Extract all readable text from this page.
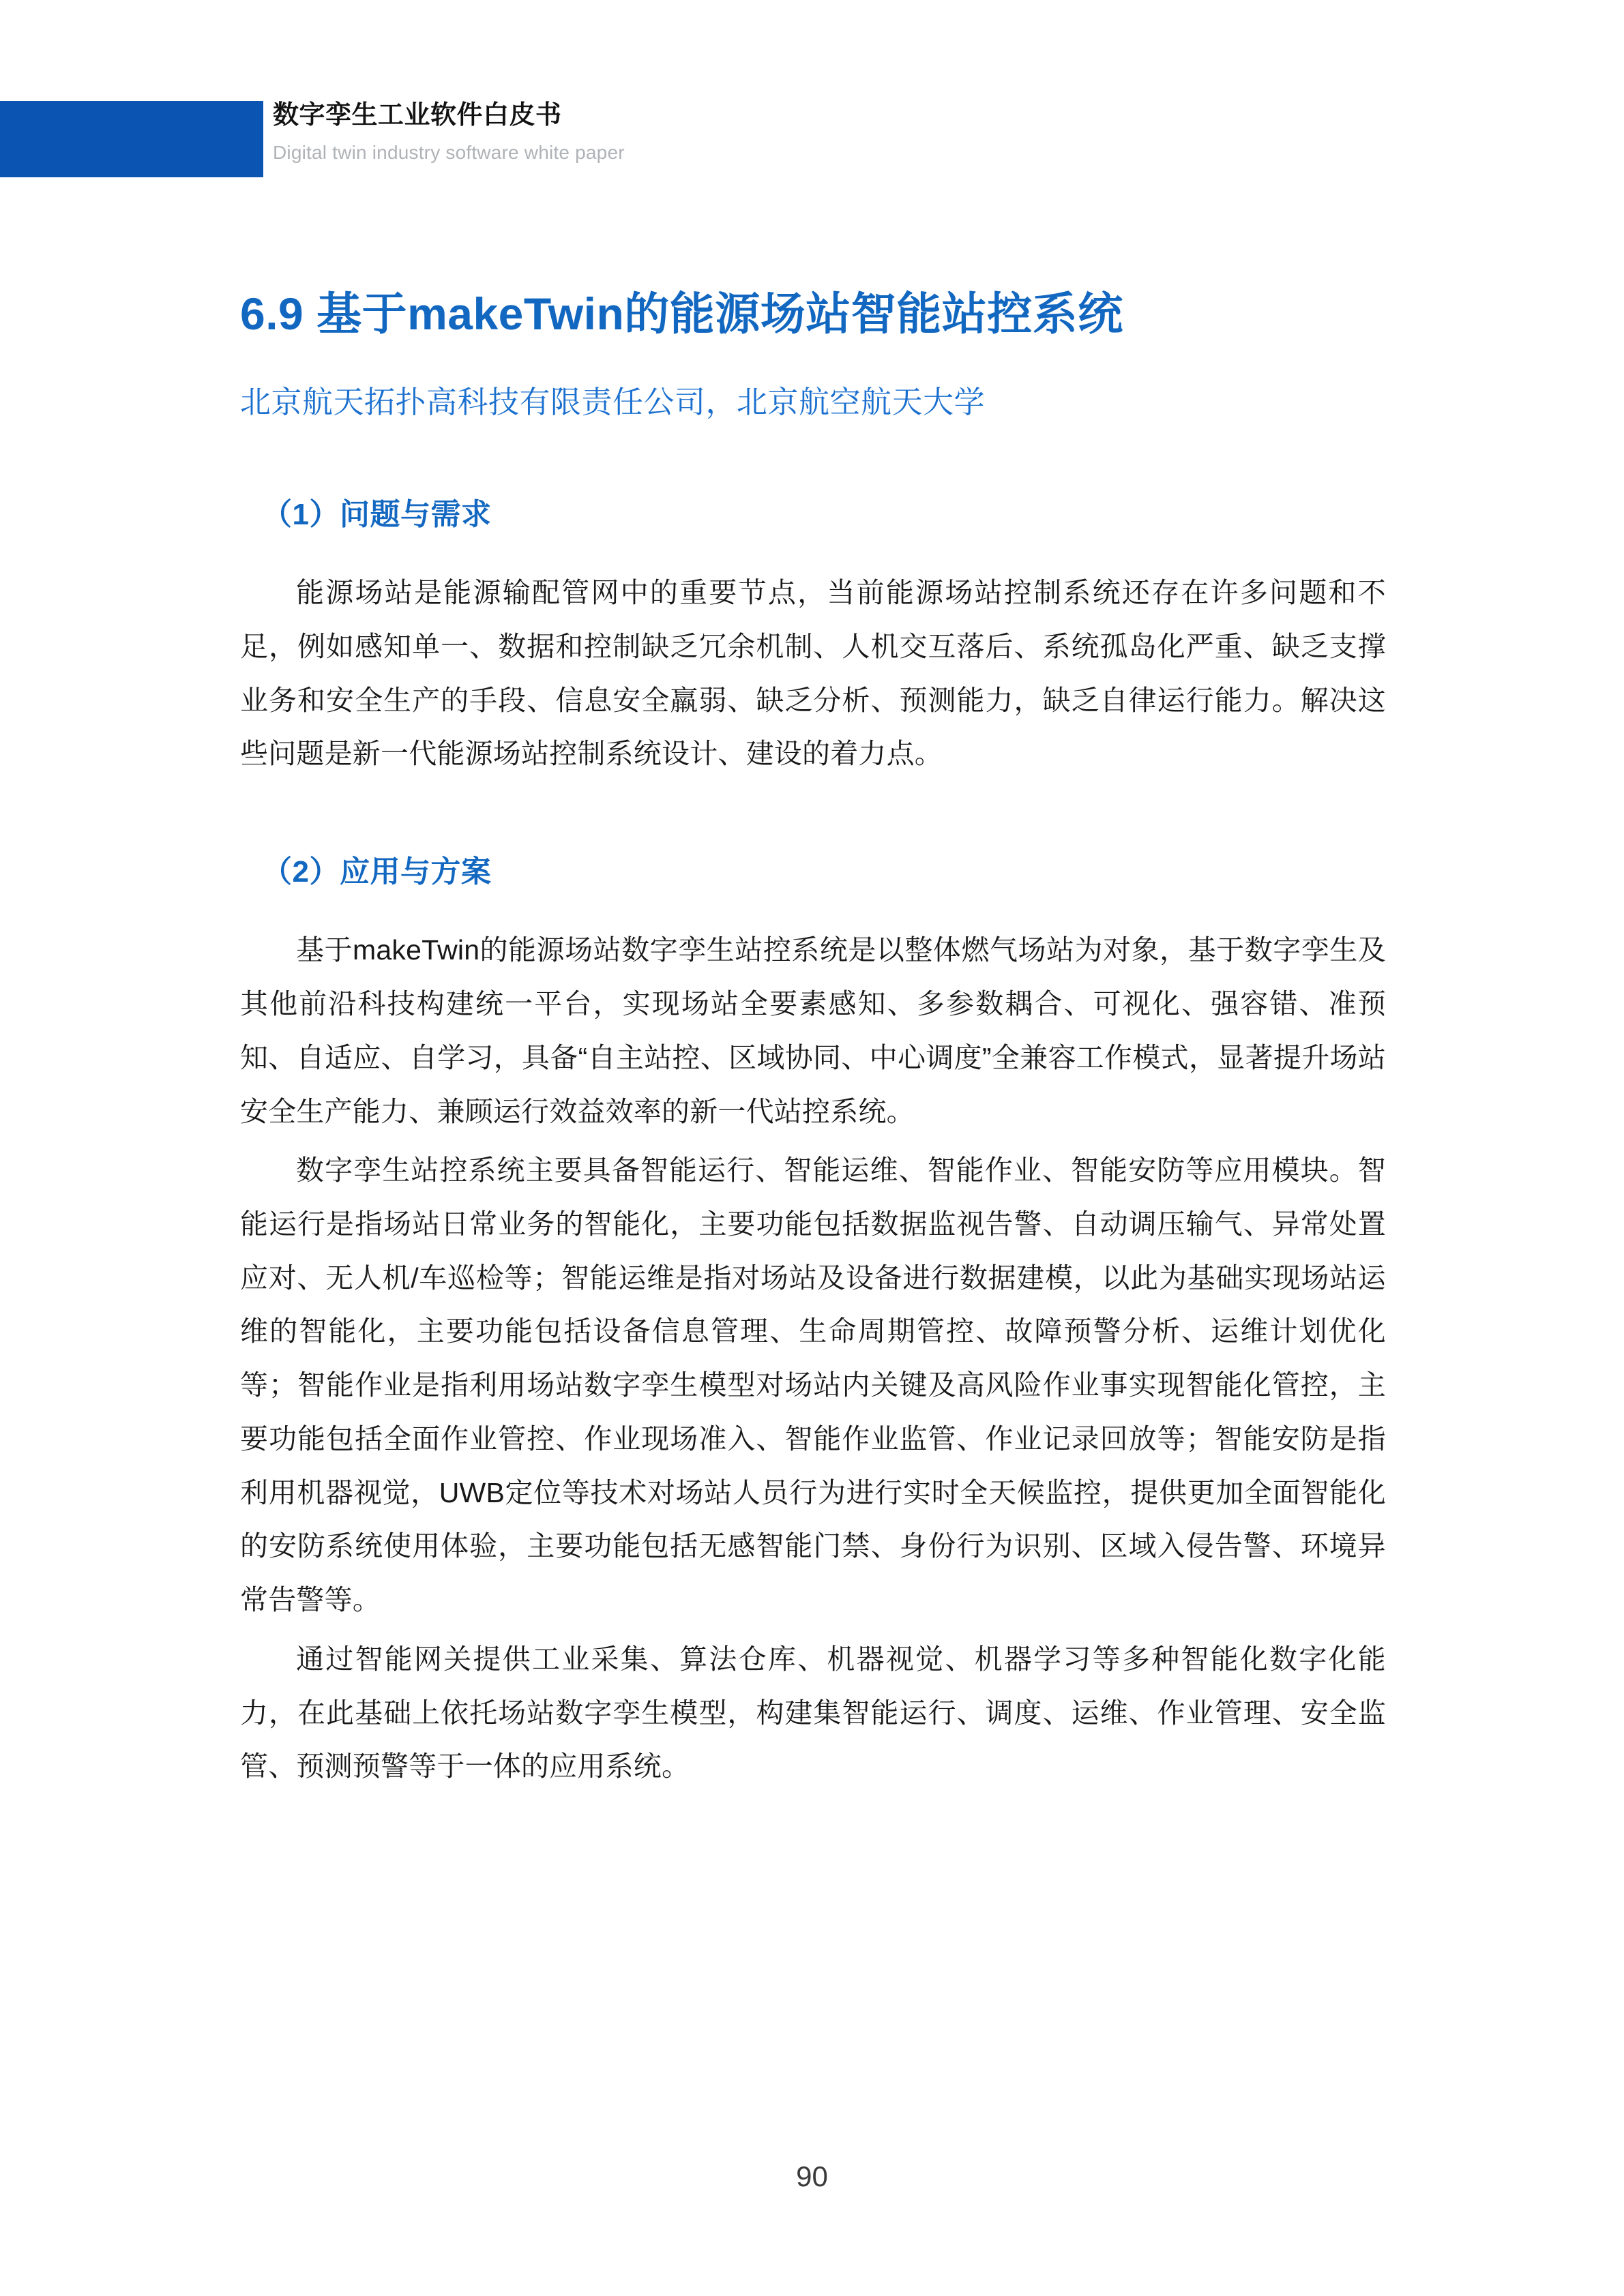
数字孪生工业软件白皮书
Digital twin industry software white paper
6.9 基于makeTwin的能源场站智能站控系统
北京航天拓扑高科技有限责任公司，北京航空航天大学
（1）问题与需求

能源场站是能源输配管网中的重要节点，当前能源场站控制系统还存在许多问题和不足，例如感知单一、数据和控制缺乏冗余机制、人机交互落后、系统孤岛化严重、缺乏支撑业务和安全生产的手段、信息安全羸弱、缺乏分析、预测能力，缺乏自律运行能力。解决这些问题是新一代能源场站控制系统设计、建设的着力点。

（2）应用与方案

基于makeTwin的能源场站数字孪生站控系统是以整体燃气场站为对象，基于数字孪生及其他前沿科技构建统一平台，实现场站全要素感知、多参数耦合、可视化、强容错、准预知、自适应、自学习，具备“自主站控、区域协同、中心调度”全兼容工作模式，显著提升场站安全生产能力、兼顾运行效益效率的新一代站控系统。

数字孪生站控系统主要具备智能运行、智能运维、智能作业、智能安防等应用模块。智能运行是指场站日常业务的智能化，主要功能包括数据监视告警、自动调压输气、异常处置应对、无人机/车巡检等；智能运维是指对场站及设备进行数据建模，以此为基础实现场站运维的智能化，主要功能包括设备信息管理、生命周期管控、故障预警分析、运维计划优化等；智能作业是指利用场站数字孪生模型对场站内关键及高风险作业事实现智能化管控，主要功能包括全面作业管控、作业现场准入、智能作业监管、作业记录回放等；智能安防是指利用机器视觉，UWB定位等技术对场站人员行为进行实时全天候监控，提供更加全面智能化的安防系统使用体验，主要功能包括无感智能门禁、身份行为识别、区域入侵告警、环境异常告警等。

通过智能网关提供工业采集、算法仓库、机器视觉、机器学习等多种智能化数字化能力，在此基础上依托场站数字孪生模型，构建集智能运行、调度、运维、作业管理、安全监管、预测预警等于一体的应用系统。

90
